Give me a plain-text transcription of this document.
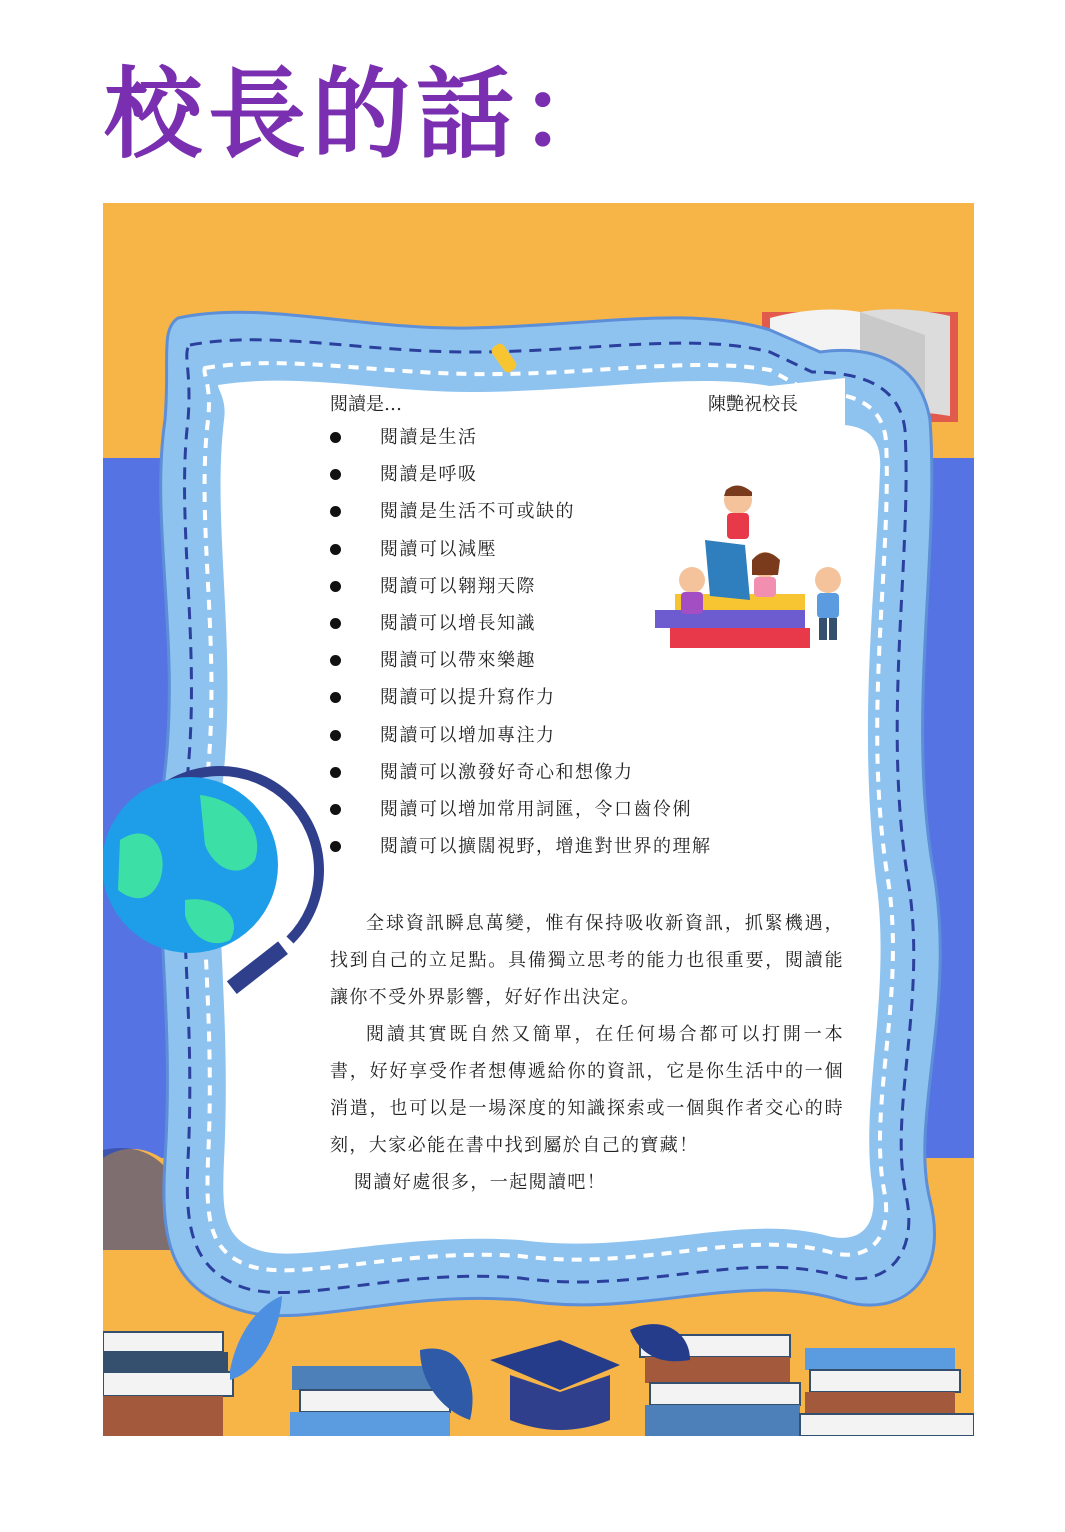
校長的話：
閱讀是…	陳艷祝校長
閱讀是生活
閱讀是呼吸
閱讀是生活不可或缺的
閱讀可以減壓
閱讀可以翱翔天際
閱讀可以增長知識
閱讀可以帶來樂趣
閱讀可以提升寫作力
閱讀可以增加專注力
閱讀可以激發好奇心和想像力
閱讀可以增加常用詞匯，令口齒伶俐
閱讀可以擴闊視野，增進對世界的理解

全球資訊瞬息萬變，惟有保持吸收新資訊，抓緊機遇，找到自己的立足點。具備獨立思考的能力也很重要，閱讀能讓你不受外界影響，好好作出決定。

閱讀其實既自然又簡單，在任何場合都可以打開一本書，好好享受作者想傳遞給你的資訊，它是你生活中的一個消遣，也可以是一場深度的知識探索或一個與作者交心的時刻，大家必能在書中找到屬於自己的寶藏！

閱讀好處很多，一起閱讀吧！
